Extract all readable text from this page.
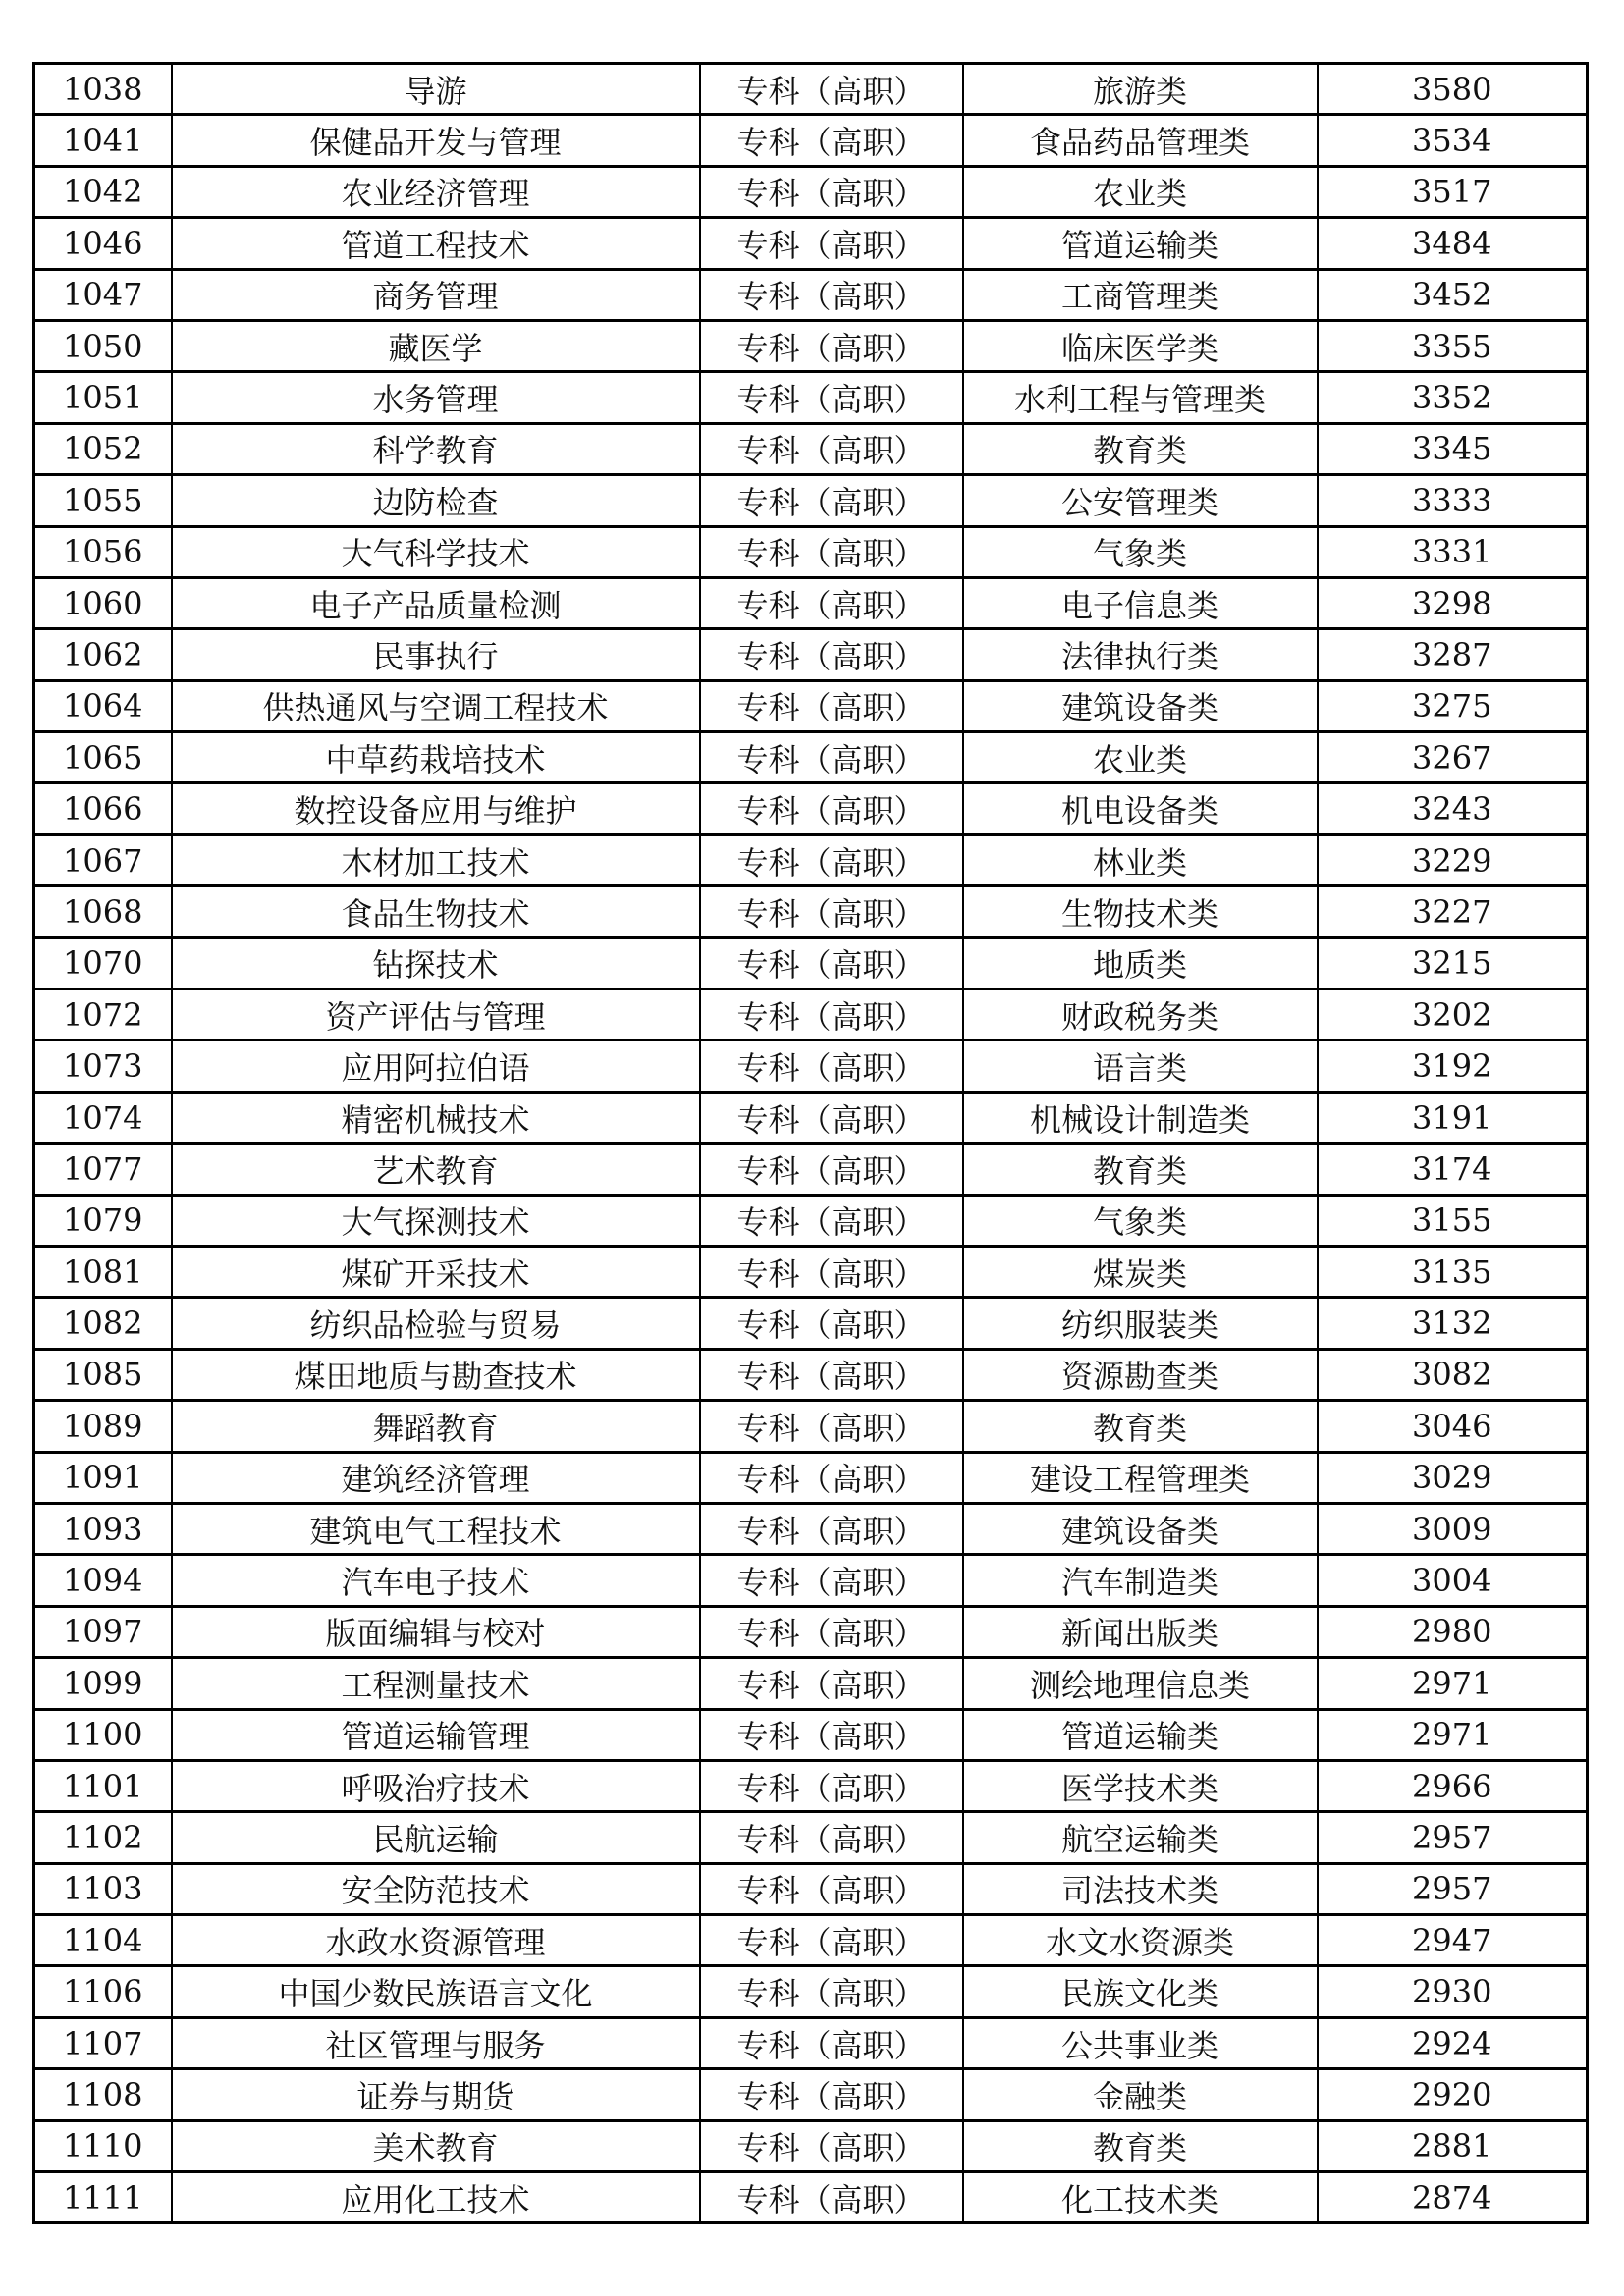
1038	导游	专科（高职）	旅游类	3580
1041	保健品开发与管理	专科（高职）	食品药品管理类	3534
1042	农业经济管理	专科（高职）	农业类	3517
1046	管道工程技术	专科（高职）	管道运输类	3484
1047	商务管理	专科（高职）	工商管理类	3452
1050	藏医学	专科（高职）	临床医学类	3355
1051	水务管理	专科（高职）	水利工程与管理类	3352
1052	科学教育	专科（高职）	教育类	3345
1055	边防检查	专科（高职）	公安管理类	3333
1056	大气科学技术	专科（高职）	气象类	3331
1060	电子产品质量检测	专科（高职）	电子信息类	3298
1062	民事执行	专科（高职）	法律执行类	3287
1064	供热通风与空调工程技术	专科（高职）	建筑设备类	3275
1065	中草药栽培技术	专科（高职）	农业类	3267
1066	数控设备应用与维护	专科（高职）	机电设备类	3243
1067	木材加工技术	专科（高职）	林业类	3229
1068	食品生物技术	专科（高职）	生物技术类	3227
1070	钻探技术	专科（高职）	地质类	3215
1072	资产评估与管理	专科（高职）	财政税务类	3202
1073	应用阿拉伯语	专科（高职）	语言类	3192
1074	精密机械技术	专科（高职）	机械设计制造类	3191
1077	艺术教育	专科（高职）	教育类	3174
1079	大气探测技术	专科（高职）	气象类	3155
1081	煤矿开采技术	专科（高职）	煤炭类	3135
1082	纺织品检验与贸易	专科（高职）	纺织服装类	3132
1085	煤田地质与勘查技术	专科（高职）	资源勘查类	3082
1089	舞蹈教育	专科（高职）	教育类	3046
1091	建筑经济管理	专科（高职）	建设工程管理类	3029
1093	建筑电气工程技术	专科（高职）	建筑设备类	3009
1094	汽车电子技术	专科（高职）	汽车制造类	3004
1097	版面编辑与校对	专科（高职）	新闻出版类	2980
1099	工程测量技术	专科（高职）	测绘地理信息类	2971
1100	管道运输管理	专科（高职）	管道运输类	2971
1101	呼吸治疗技术	专科（高职）	医学技术类	2966
1102	民航运输	专科（高职）	航空运输类	2957
1103	安全防范技术	专科（高职）	司法技术类	2957
1104	水政水资源管理	专科（高职）	水文水资源类	2947
1106	中国少数民族语言文化	专科（高职）	民族文化类	2930
1107	社区管理与服务	专科（高职）	公共事业类	2924
1108	证券与期货	专科（高职）	金融类	2920
1110	美术教育	专科（高职）	教育类	2881
1111	应用化工技术	专科（高职）	化工技术类	2874
